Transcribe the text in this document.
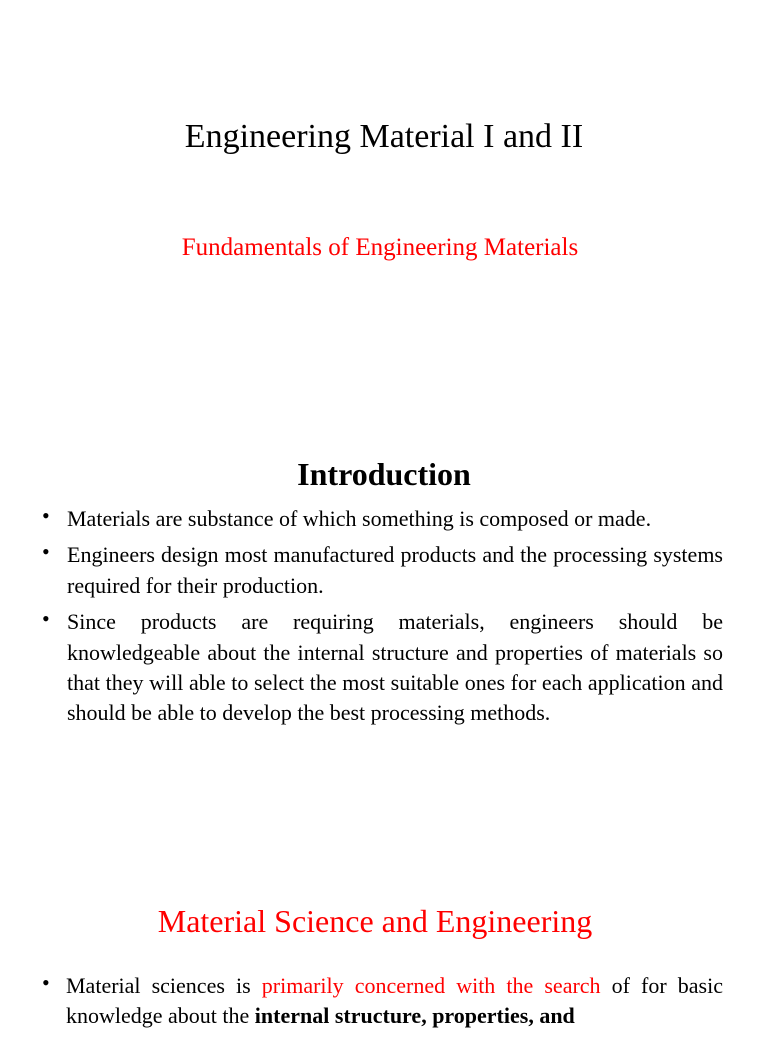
Engineering Material I and II
Fundamentals of Engineering Materials
Introduction
• Materials are substance of which something is composed or made.
• Engineers design most manufactured products and the processing systems required for their production.
• Since products are requiring materials, engineers should be knowledgeable about the internal structure and properties of materials so that they will able to select the most suitable ones for each application and should be able to develop the best processing methods.
Material Science and Engineering
• Material sciences is primarily concerned with the search of for basic knowledge about the internal structure, properties, and
